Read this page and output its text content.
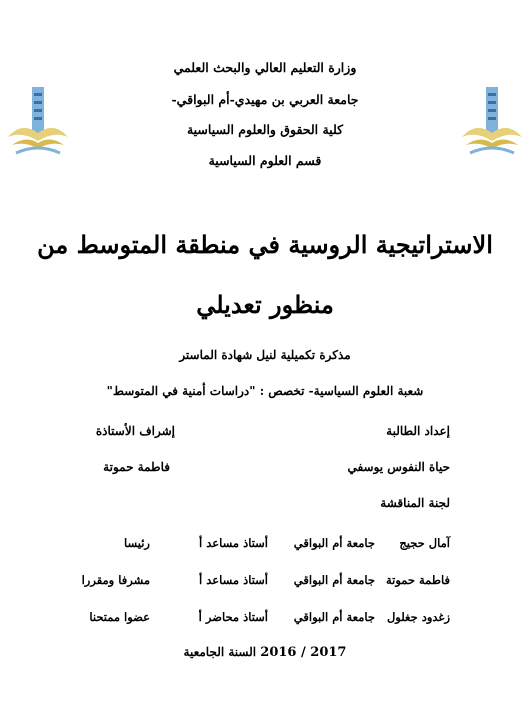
وزارة التعليم العالي والبحث العلمي
جامعة العربي بن مهيدي-أم البواقي-
كلية الحقوق والعلوم السياسية
قسم العلوم السياسية
الاستراتيجية الروسية في منطقة المتوسط من
منظور تعديلي
مذكرة تكميلية لنيل شهادة الماستر
شعبة العلوم السياسية- تخصص : "دراسات أمنية في المتوسط"
إعداد الطالبة
إشراف الأستاذة
حياة النفوس يوسفي
فاطمة حموتة
لجنة المناقشة
آمال حجيج
جامعة أم البواقي
أستاذ مساعد أ
رئيسا
فاطمة حموتة
جامعة أم البواقي
أستاذ مساعد أ
مشرفا ومقررا
زغدود جغلول
جامعة أم البواقي
أستاذ محاضر أ
عضوا ممتحنا
السنة الجامعية 2016 / 2017
